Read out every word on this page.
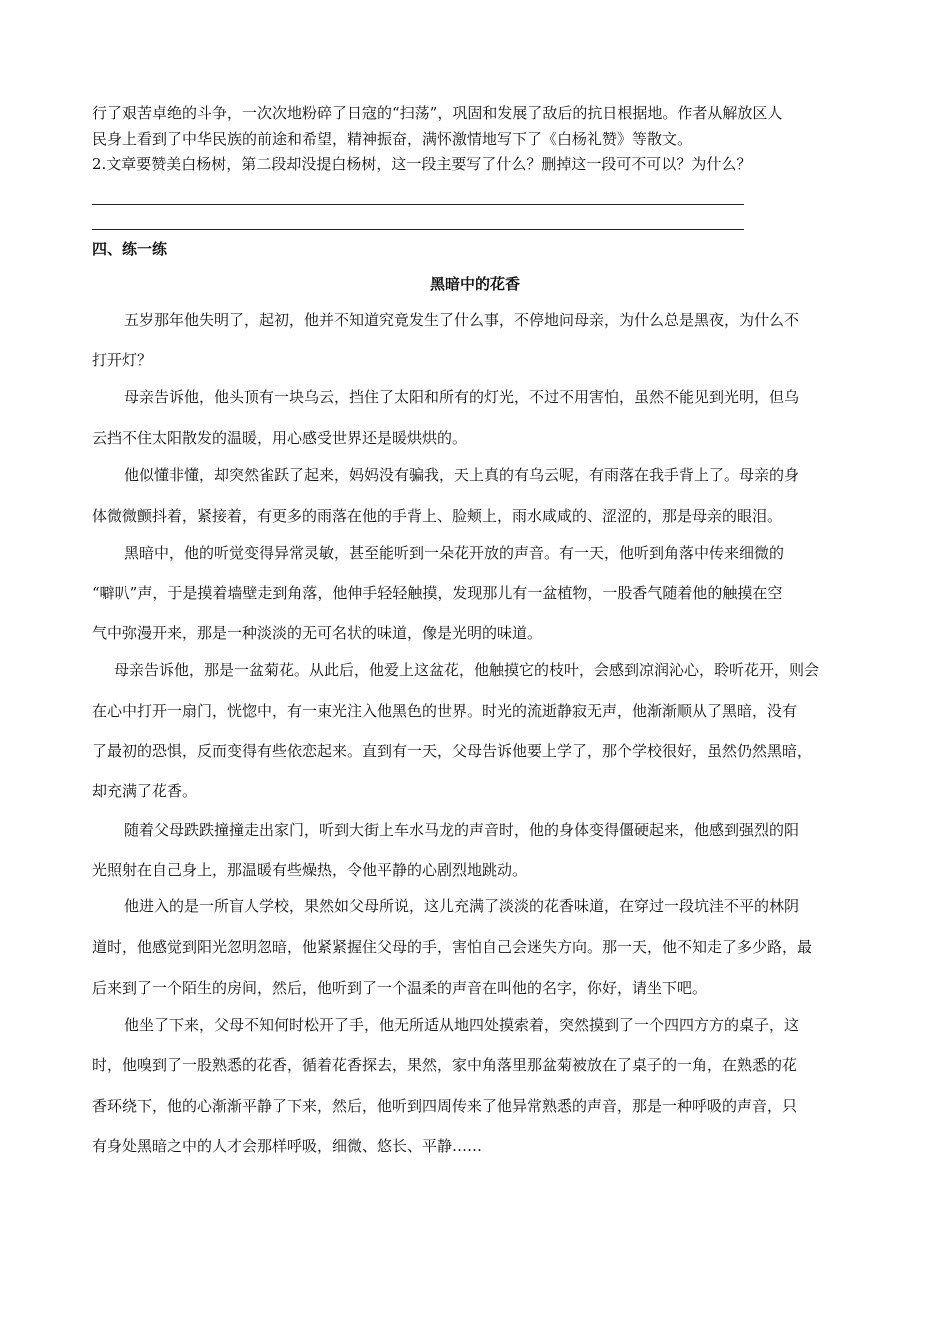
行了艰苦卓绝的斗争，一次次地粉碎了日寇的“扫荡”，巩固和发展了敌后的抗日根据地。作者从解放区人
民身上看到了中华民族的前途和希望，精神振奋，满怀激情地写下了《白杨礼赞》等散文。
2.文章要赞美白杨树，第二段却没提白杨树，这一段主要写了什么？删掉这一段可不可以？为什么？
四、练一练
黑暗中的花香
五岁那年他失明了，起初，他并不知道究竟发生了什么事，不停地问母亲，为什么总是黑夜，为什么不
打开灯？
母亲告诉他，他头顶有一块乌云，挡住了太阳和所有的灯光，不过不用害怕，虽然不能见到光明，但乌
云挡不住太阳散发的温暖，用心感受世界还是暖烘烘的。
他似懂非懂，却突然雀跃了起来，妈妈没有骗我，天上真的有乌云呢，有雨落在我手背上了。母亲的身
体微微颤抖着，紧接着，有更多的雨落在他的手背上、脸颊上，雨水咸咸的、涩涩的，那是母亲的眼泪。
黑暗中，他的听觉变得异常灵敏，甚至能听到一朵花开放的声音。有一天，他听到角落中传来细微的
“噼叭”声，于是摸着墙壁走到角落，他伸手轻轻触摸，发现那儿有一盆植物，一股香气随着他的触摸在空
气中弥漫开来，那是一种淡淡的无可名状的味道，像是光明的味道。
母亲告诉他，那是一盆菊花。从此后，他爱上这盆花，他触摸它的枝叶，会感到凉润沁心，聆听花开，则会
在心中打开一扇门，恍惚中，有一束光注入他黑色的世界。时光的流逝静寂无声，他渐渐顺从了黑暗，没有
了最初的恐惧，反而变得有些依恋起来。直到有一天，父母告诉他要上学了，那个学校很好，虽然仍然黑暗，
却充满了花香。
随着父母跌跌撞撞走出家门，听到大街上车水马龙的声音时，他的身体变得僵硬起来，他感到强烈的阳
光照射在自己身上，那温暖有些燥热，令他平静的心剧烈地跳动。
他进入的是一所盲人学校，果然如父母所说，这儿充满了淡淡的花香味道，在穿过一段坑洼不平的林阴
道时，他感觉到阳光忽明忽暗，他紧紧握住父母的手，害怕自己会迷失方向。那一天，他不知走了多少路，最
后来到了一个陌生的房间，然后，他听到了一个温柔的声音在叫他的名字，你好，请坐下吧。
他坐了下来，父母不知何时松开了手，他无所适从地四处摸索着，突然摸到了一个四四方方的桌子，这
时，他嗅到了一股熟悉的花香，循着花香探去，果然，家中角落里那盆菊被放在了桌子的一角，在熟悉的花
香环绕下，他的心渐渐平静了下来，然后，他听到四周传来了他异常熟悉的声音，那是一种呼吸的声音，只
有身处黑暗之中的人才会那样呼吸，细微、悠长、平静……
